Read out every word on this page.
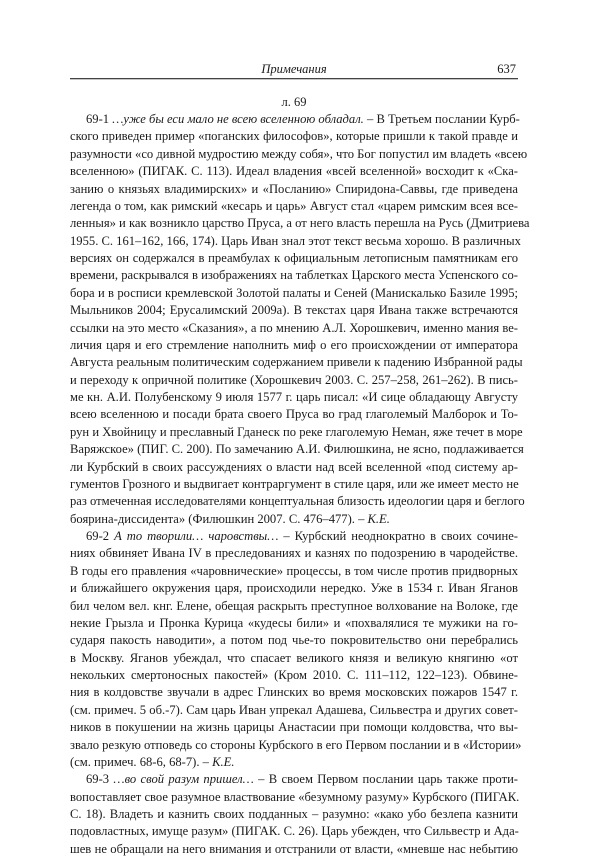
Примечания	637
л. 69
69-1 …уже бы еси мало не всею вселенною обладал. – В Третьем послании Курб-
ского приведен пример «поганских философов», которые пришли к такой правде и
разумности «со дивной мудростию между собя», что Бог попустил им владеть «всею
вселенною» (ПИГАК. С. 113). Идеал владения «всей вселенной» восходит к «Ска-
занию о князьях владимирских» и «Посланию» Спиридона-Саввы, где приведена
легенда о том, как римский «кесарь и царь» Август стал «царем римским всея все-
ленныя» и как возникло царство Пруса, а от него власть перешла на Русь (Дмитриева
1955. С. 161–162, 166, 174). Царь Иван знал этот текст весьма хорошо. В различных
версиях он содержался в преамбулах к официальным летописным памятникам его
времени, раскрывался в изображениях на таблетках Царского места Успенского со-
бора и в росписи кремлевской Золотой палаты и Сеней (Манискалько Базиле 1995;
Мыльников 2004; Ерусалимский 2009а). В текстах царя Ивана также встречаются
ссылки на это место «Сказания», а по мнению А.Л. Хорошкевич, именно мания ве-
личия царя и его стремление наполнить миф о его происхождении от императора
Августа реальным политическим содержанием привели к падению Избранной рады
и переходу к опричной политике (Хорошкевич 2003. С. 257–258, 261–262). В пись-
ме кн. А.И. Полубенскому 9 июля 1577 г. царь писал: «И сице обладающу Августу
всею вселенною и посади брата своего Пруса во град глаголемый Малборок и То-
рун и Хвойницу и преславный Гданеск по реке глаголемую Неман, яже течет в море
Варяжское» (ПИГ. С. 200). По замечанию А.И. Филюшкина, не ясно, подлаживается
ли Курбский в своих рассуждениях о власти над всей вселенной «под систему ар-
гументов Грозного и выдвигает контраргумент в стиле царя, или же имеет место не
раз отмеченная исследователями концептуальная близость идеологии царя и беглого
боярина-диссидента» (Филюшкин 2007. С. 476–477). – К.Е.
69-2 А то творили… чаровствы… – Курбский неоднократно в своих сочине-
ниях обвиняет Ивана IV в преследованиях и казнях по подозрению в чародействе.
В годы его правления «чаровнические» процессы, в том числе против придворных
и ближайшего окружения царя, происходили нередко. Уже в 1534 г. Иван Яганов
бил челом вел. кнг. Елене, обещая раскрыть преступное волхование на Волоке, где
некие Грызла и Пронка Курица «кудесы били» и «похвалялися те мужики на го-
сударя пакость наводити», а потом под чье-то покровительство они перебрались
в Москву. Яганов убеждал, что спасает великого князя и великую княгиню «от
некольких смертоносных пакостей» (Кром 2010. С. 111–112, 122–123). Обвине-
ния в колдовстве звучали в адрес Глинских во время московских пожаров 1547 г.
(см. примеч. 5 об.-7). Сам царь Иван упрекал Адашева, Сильвестра и других совет-
ников в покушении на жизнь царицы Анастасии при помощи колдовства, что вы-
звало резкую отповедь со стороны Курбского в его Первом послании и в «Истории»
(см. примеч. 68-6, 68-7). – К.Е.
69-3 …во свой разум пришел… – В своем Первом послании царь также проти-
вопоставляет свое разумное властвование «безумному разуму» Курбского (ПИГАК.
С. 18). Владеть и казнить своих подданных – разумно: «како убо безлепа казнити
подовластных, имуще разум» (ПИГАК. С. 26). Царь убежден, что Сильвестр и Ада-
шев не обращали на него внимания и отстранили от власти, «мневше нас небытию
